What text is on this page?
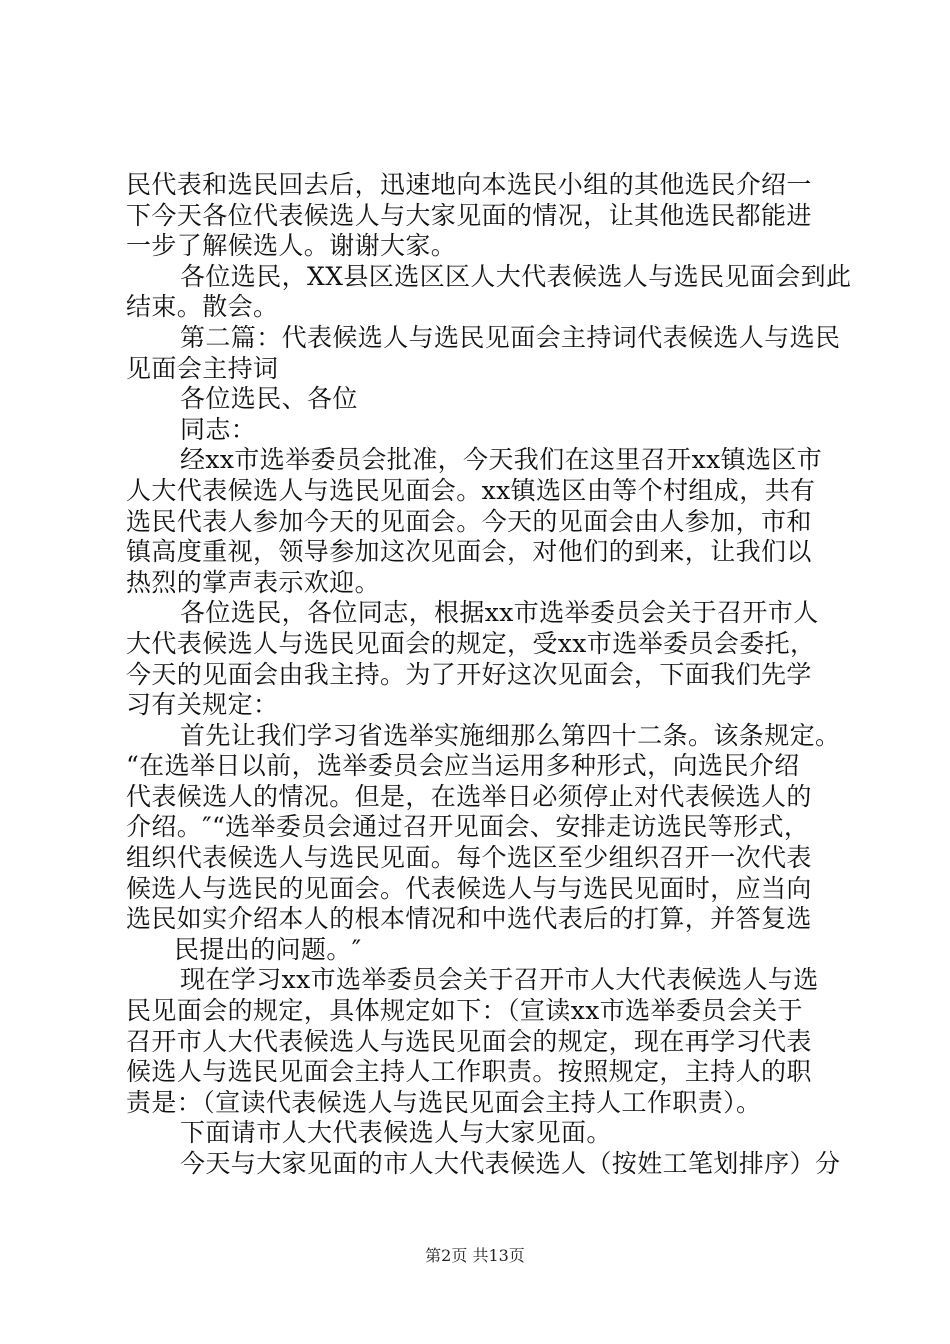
民代表和选民回去后，迅速地向本选民小组的其他选民介绍一
下今天各位代表候选人与大家见面的情况，让其他选民都能进
一步了解候选人。谢谢大家。
各位选民，XX县区选区区人大代表候选人与选民见面会到此
结束。散会。
第二篇：代表候选人与选民见面会主持词代表候选人与选民
见面会主持词
各位选民、各位
同志：
经xx市选举委员会批准，今天我们在这里召开xx镇选区市
人大代表候选人与选民见面会。xx镇选区由等个村组成，共有
选民代表人参加今天的见面会。今天的见面会由人参加，市和
镇高度重视，领导参加这次见面会，对他们的到来，让我们以
热烈的掌声表示欢迎。
各位选民，各位同志，根据xx市选举委员会关于召开市人
大代表候选人与选民见面会的规定，受xx市选举委员会委托，
今天的见面会由我主持。为了开好这次见面会，下面我们先学
习有关规定：
首先让我们学习省选举实施细那么第四十二条。该条规定。
“在选举日以前，选举委员会应当运用多种形式，向选民介绍
代表候选人的情况。但是，在选举日必须停止对代表候选人的
介绍。″“选举委员会通过召开见面会、安排走访选民等形式，
组织代表候选人与选民见面。每个选区至少组织召开一次代表
候选人与选民的见面会。代表候选人与与选民见面时，应当向
选民如实介绍本人的根本情况和中选代表后的打算，并答复选
民提出的问题。″
现在学习xx市选举委员会关于召开市人大代表候选人与选
民见面会的规定，具体规定如下：（宣读xx市选举委员会关于
召开市人大代表候选人与选民见面会的规定，现在再学习代表
候选人与选民见面会主持人工作职责。按照规定，主持人的职
责是：（宣读代表候选人与选民见面会主持人工作职责）。
下面请市人大代表候选人与大家见面。
今天与大家见面的市人大代表候选人（按姓工笔划排序）分
第2页 共13页
